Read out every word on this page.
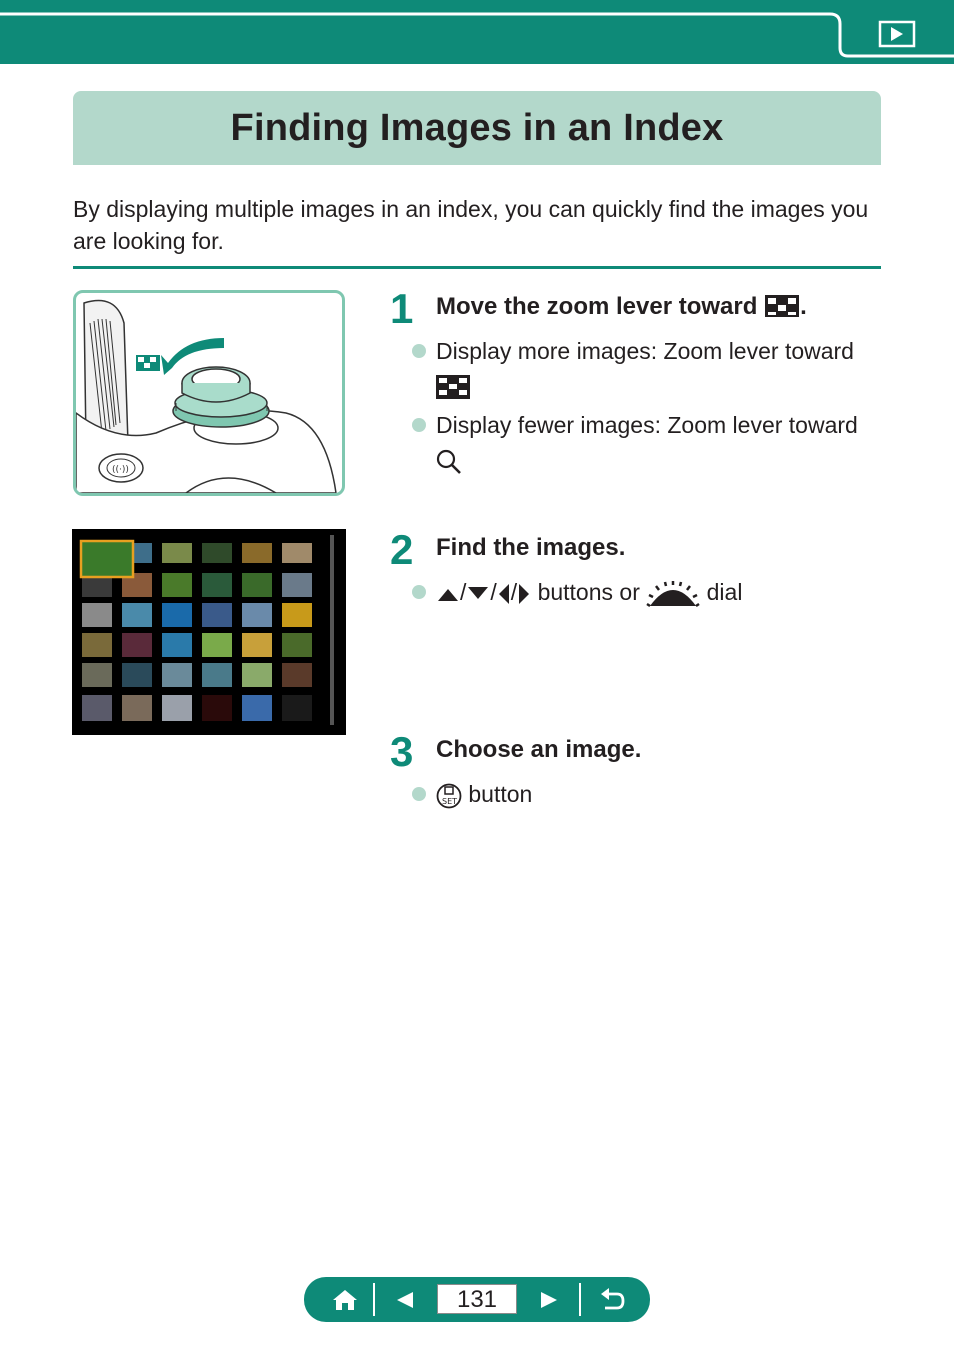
Finding Images in an Index
By displaying multiple images in an index, you can quickly find the images you are looking for.
((·))
1 Move the zoom lever toward .
Display more images: Zoom lever toward
Display fewer images: Zoom lever toward
2 Find the images.
/ / / buttons or	dial
3 Choose an image.
SET button
131
